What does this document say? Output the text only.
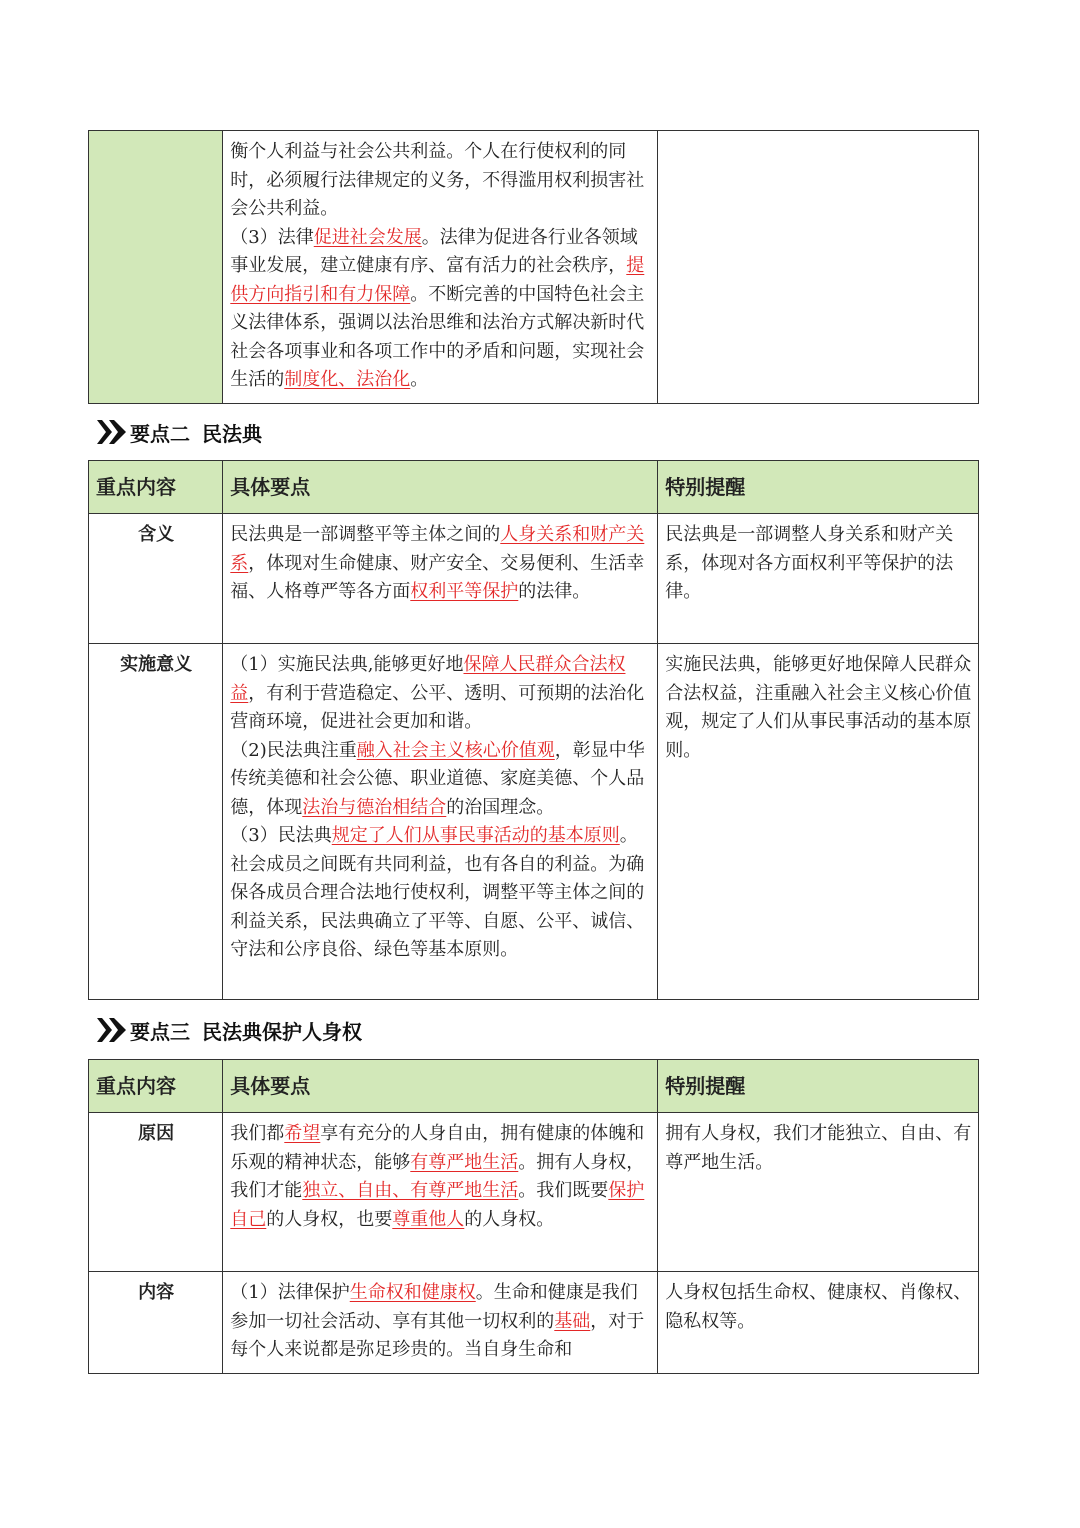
衡个人利益与社会公共利益。个人在行使权利的同时，必须履行法律规定的义务，不得滥用权利损害社会公共利益。
（3）法律促进社会发展。法律为促进各行业各领域事业发展，建立健康有序、富有活力的社会秩序，提供方向指引和有力保障。不断完善的中国特色社会主义法律体系，强调以法治思维和法治方式解决新时代社会各项事业和各项工作中的矛盾和问题，实现社会生活的制度化、法治化。

要点二 民法典
重点内容	具体要点	特别提醒
含义	民法典是一部调整平等主体之间的人身关系和财产关系，体现对生命健康、财产安全、交易便利、生活幸福、人格尊严等各方面权利平等保护的法律。	民法典是一部调整人身关系和财产关系，体现对各方面权利平等保护的法律。
实施意义	（1）实施民法典,能够更好地保障人民群众合法权益，有利于营造稳定、公平、透明、可预期的法治化营商环境，促进社会更加和谐。
（2)民法典注重融入社会主义核心价值观，彰显中华传统美德和社会公德、职业道德、家庭美德、个人品德，体现法治与德治相结合的治国理念。
（3）民法典规定了人们从事民事活动的基本原则。社会成员之间既有共同利益，也有各自的利益。为确保各成员合理合法地行使权利，调整平等主体之间的利益关系，民法典确立了平等、自愿、公平、诚信、守法和公序良俗、绿色等基本原则。	实施民法典，能够更好地保障人民群众合法权益，注重融入社会主义核心价值观，规定了人们从事民事活动的基本原则。
要点三 民法典保护人身权
重点内容	具体要点	特别提醒
原因	我们都希望享有充分的人身自由，拥有健康的体魄和乐观的精神状态，能够有尊严地生活。拥有人身权，我们才能独立、自由、有尊严地生活。我们既要保护自己的人身权，也要尊重他人的人身权。	拥有人身权，我们才能独立、自由、有尊严地生活。
内容	（1）法律保护生命权和健康权。生命和健康是我们参加一切社会活动、享有其他一切权利的基础，对于每个人来说都是弥足珍贵的。当自身生命和	人身权包括生命权、健康权、肖像权、隐私权等。
